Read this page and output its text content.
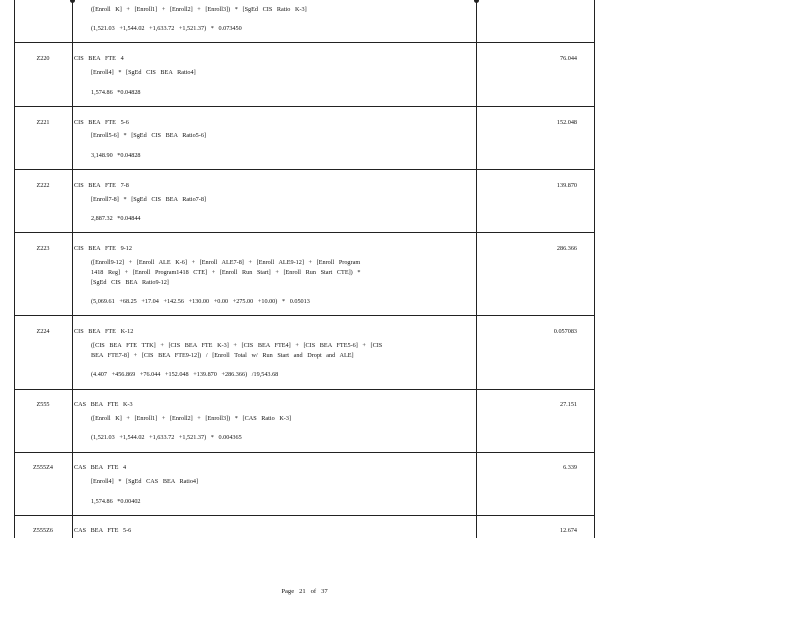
([Enroll   K]   +   [Enroll1]   +   [Enroll2]   +   [Enroll3])   *   [SgEd   CIS   Ratio   K-3]
(1,521.03   +1,544.02   +1,633.72   +1,521.37)   *   0.073450
Z220	CIS   BEA   FTE   4
[Enroll4]   *   [SgEd   CIS   BEA   Ratio4]
1,574.86   *0.04828
76.044
Z221	CIS   BEA   FTE   5-6
[Enroll5-6]   *   [SgEd   CIS   BEA   Ratio5-6]
3,148.90   *0.04828
152.048
Z222	CIS   BEA   FTE   7-8
[Enroll7-8]   *   [SgEd   CIS   BEA   Ratio7-8]
2,887.32   *0.04844
139.870
Z223	CIS   BEA   FTE   9-12
([Enroll9-12]   +   [Enroll   ALE   K-6]   +   [Enroll   ALE7-8]   +   [Enroll   ALE9-12]   +   [Enroll   Program
1418   Reg]   +   [Enroll   Program1418   CTE]   +   [Enroll   Run   Start]   +   [Enroll   Run   Start   CTE])   *
[SgEd   CIS   BEA   Ratio9-12]
(5,069.61   +68.25   +17.04   +142.56   +130.00   +0.00   +275.00   +10.00)   *   0.05013
286.366
Z224	CIS   BEA   FTE   K-12
([CIS   BEA   FTE   TTK]   +   [CIS   BEA   FTE   K-3]   +   [CIS   BEA   FTE4]   +   [CIS   BEA   FTE5-6]   +   [CIS
BEA   FTE7-8]   +   [CIS   BEA   FTE9-12])   /   [Enroll   Total   w/   Run   Start   and   Dropt   and   ALE]
(4.407   +456.869   +76.044   +152.048   +139.870   +286.366)   /19,543.68
0.057083
Z555	CAS   BEA   FTE   K-3
([Enroll   K]   +   [Enroll1]   +   [Enroll2]   +   [Enroll3])   *   [CAS   Ratio   K-3]
(1,521.03   +1,544.02   +1,633.72   +1,521.37)   *   0.004365
27.151
Z555Z4	CAS   BEA   FTE   4
[Enroll4]   *   [SgEd   CAS   BEA   Ratio4]
1,574.86   *0.00402
6.339
Z555Z6	CAS   BEA   FTE   5-6	12.674
Page   21   of   37
